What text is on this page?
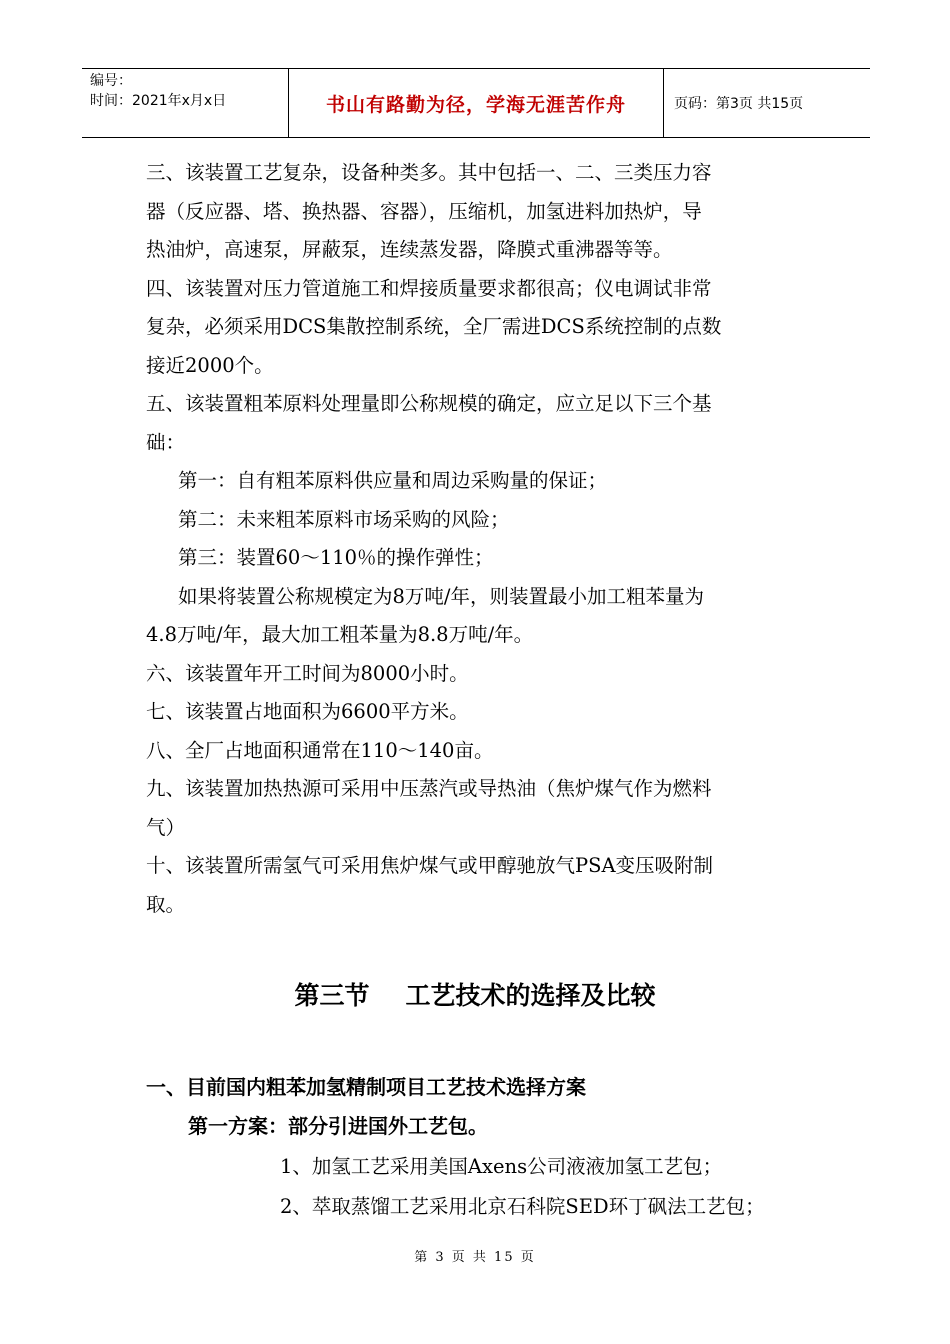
编号：
时间：2021年x月x日	书山有路勤为径，学海无涯苦作舟	页码：第3页 共15页

三、该装置工艺复杂，设备种类多。其中包括一、二、三类压力容

器（反应器、塔、换热器、容器），压缩机，加氢进料加热炉，导

热油炉，高速泵，屏蔽泵，连续蒸发器，降膜式重沸器等等。

四、该装置对压力管道施工和焊接质量要求都很高；仪电调试非常

复杂，必须采用DCS集散控制系统，全厂需进DCS系统控制的点数

接近2000个。

五、该装置粗苯原料处理量即公称规模的确定，应立足以下三个基

础：

第一：自有粗苯原料供应量和周边采购量的保证；

第二：未来粗苯原料市场采购的风险；

第三：装置60～110％的操作弹性；

如果将装置公称规模定为8万吨/年，则装置最小加工粗苯量为

4.8万吨/年，最大加工粗苯量为8.8万吨/年。

六、该装置年开工时间为8000小时。

七、该装置占地面积为6600平方米。

八、全厂占地面积通常在110～140亩。

九、该装置加热热源可采用中压蒸汽或导热油（焦炉煤气作为燃料

气）

十、该装置所需氢气可采用焦炉煤气或甲醇驰放气PSA变压吸附制

取。

第三节 工艺技术的选择及比较
一、目前国内粗苯加氢精制项目工艺技术选择方案
第一方案：部分引进国外工艺包。
1、加氢工艺采用美国Axens公司液液加氢工艺包；
2、萃取蒸馏工艺采用北京石科院SED环丁砜法工艺包；
第 3 页 共 15 页
